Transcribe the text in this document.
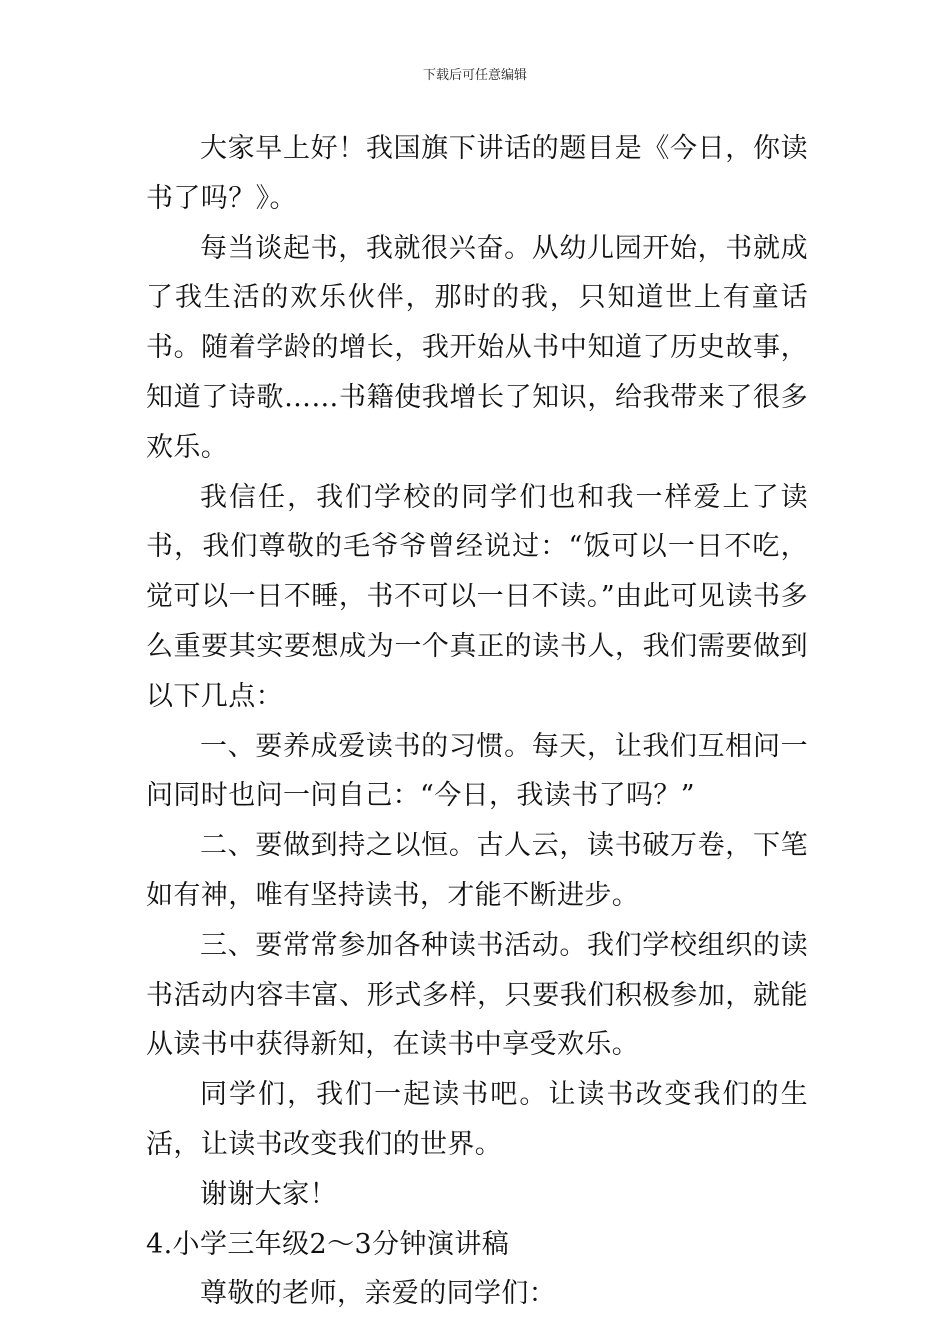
下载后可任意编辑

大家早上好！我国旗下讲话的题目是《今日，你读书了吗？》。

每当谈起书，我就很兴奋。从幼儿园开始，书就成了我生活的欢乐伙伴，那时的我，只知道世上有童话书。随着学龄的增长，我开始从书中知道了历史故事，知道了诗歌……书籍使我增长了知识，给我带来了很多欢乐。

我信任，我们学校的同学们也和我一样爱上了读书，我们尊敬的毛爷爷曾经说过：“饭可以一日不吃，觉可以一日不睡，书不可以一日不读。”由此可见读书多么重要其实要想成为一个真正的读书人，我们需要做到以下几点：

一、要养成爱读书的习惯。每天，让我们互相问一问同时也问一问自己：“今日，我读书了吗？”

二、要做到持之以恒。古人云，读书破万卷，下笔如有神，唯有坚持读书，才能不断进步。

三、要常常参加各种读书活动。我们学校组织的读书活动内容丰富、形式多样，只要我们积极参加，就能从读书中获得新知，在读书中享受欢乐。

同学们，我们一起读书吧。让读书改变我们的生活，让读书改变我们的世界。

谢谢大家！

4.小学三年级2～3分钟演讲稿

尊敬的老师，亲爱的同学们：
